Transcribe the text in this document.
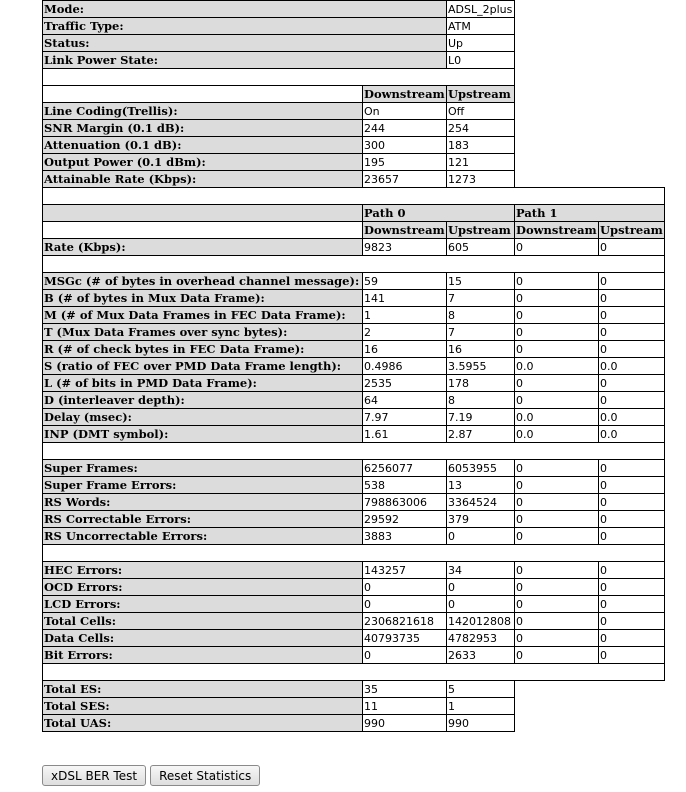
Mode:		ADSL_2plus		
Traffic Type:		ATM		
Status:		Up		
Link Power State:		L0		

	Downstream	Upstream		
Line Coding(Trellis):	On	Off		
SNR Margin (0.1 dB):	244	254		
Attenuation (0.1 dB):	300	183		
Output Power (0.1 dBm):	195	121		
Attainable Rate (Kbps):	23657	1273		

	Path 0		Path 1	
	Downstream	Upstream	Downstream	Upstream
Rate (Kbps):	9823	605	0	0

MSGc (# of bytes in overhead channel message):	59	15	0	0
B (# of bytes in Mux Data Frame):	141	7	0	0
M (# of Mux Data Frames in FEC Data Frame):	1	8	0	0
T (Mux Data Frames over sync bytes):	2	7	0	0
R (# of check bytes in FEC Data Frame):	16	16	0	0
S (ratio of FEC over PMD Data Frame length):	0.4986	3.5955	0.0	0.0
L (# of bits in PMD Data Frame):	2535	178	0	0
D (interleaver depth):	64	8	0	0
Delay (msec):	7.97	7.19	0.0	0.0
INP (DMT symbol):	1.61	2.87	0.0	0.0

Super Frames:	6256077	6053955	0	0
Super Frame Errors:	538	13	0	0
RS Words:	798863006	3364524	0	0
RS Correctable Errors:	29592	379	0	0
RS Uncorrectable Errors:	3883	0	0	0

HEC Errors:	143257	34	0	0
OCD Errors:	0	0	0	0
LCD Errors:	0	0	0	0
Total Cells:	2306821618	142012808	0	0
Data Cells:	40793735	4782953	0	0
Bit Errors:	0	2633	0	0

Total ES:	35	5		
Total SES:	11	1		
Total UAS:	990	990		
xDSL BER Test	Reset Statistics
